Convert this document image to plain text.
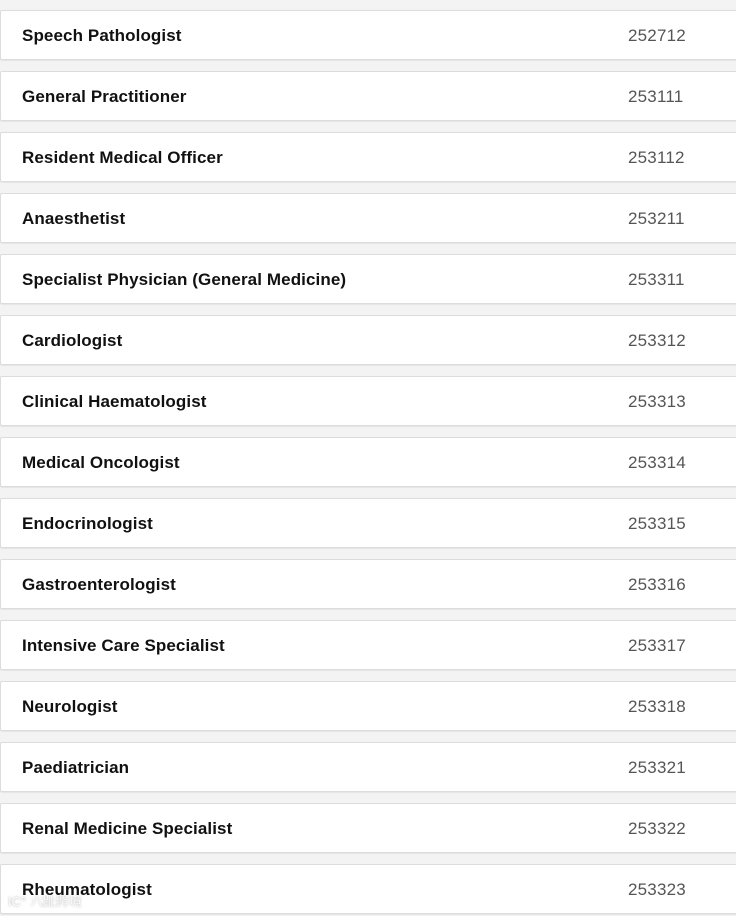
Speech Pathologist	252712
General Practitioner	253111
Resident Medical Officer	253112
Anaesthetist	253211
Specialist Physician (General Medicine)	253311
Cardiologist	253312
Clinical Haematologist	253313
Medical Oncologist	253314
Endocrinologist	253315
Gastroenterologist	253316
Intensive Care Specialist	253317
Neurologist	253318
Paediatrician	253321
Renal Medicine Specialist	253322
Rheumatologist	253323
IC° 六趾跨境
